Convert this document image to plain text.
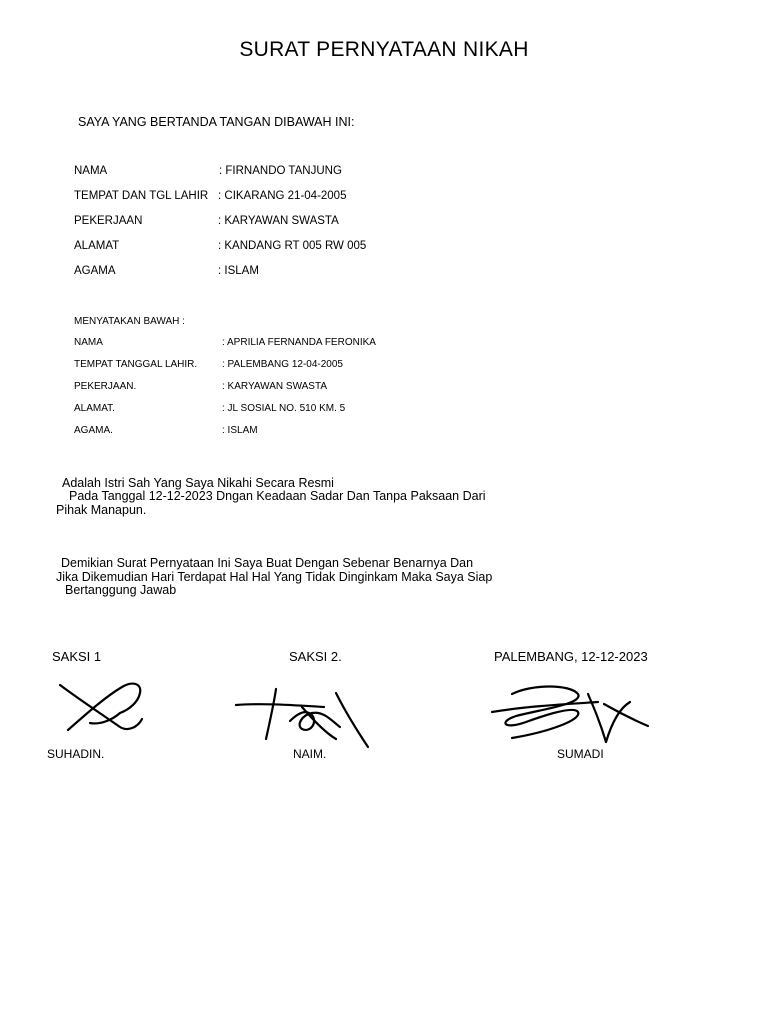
SURAT PERNYATAAN NIKAH
SAYA YANG BERTANDA TANGAN DIBAWAH INI:
NAMA	: FIRNANDO TANJUNG
TEMPAT DAN TGL LAHIR : CIKARANG 21-04-2005
PEKERJAAN	: KARYAWAN SWASTA
ALAMAT	: KANDANG RT 005 RW 005
AGAMA	: ISLAM
MENYATAKAN BAWAH :
NAMA	: APRILIA FERNANDA FERONIKA
TEMPAT TANGGAL LAHIR. : PALEMBANG 12-04-2005
PEKERJAAN.	: KARYAWAN SWASTA
ALAMAT.	: JL SOSIAL NO. 510 KM. 5
AGAMA.	: ISLAM
Adalah Istri Sah Yang Saya Nikahi Secara Resmi
Pada Tanggal 12-12-2023 Dngan Keadaan Sadar Dan Tanpa Paksaan Dari
Pihak Manapun.
Demikian Surat Pernyataan Ini Saya Buat Dengan Sebenar Benarnya Dan
Jika Dikemudian Hari Terdapat Hal Hal Yang Tidak Dinginkam Maka Saya Siap
Bertanggung Jawab
SAKSI 1	SAKSI 2.	PALEMBANG, 12-12-2023
SUHADIN.	NAIM.	SUMADI
